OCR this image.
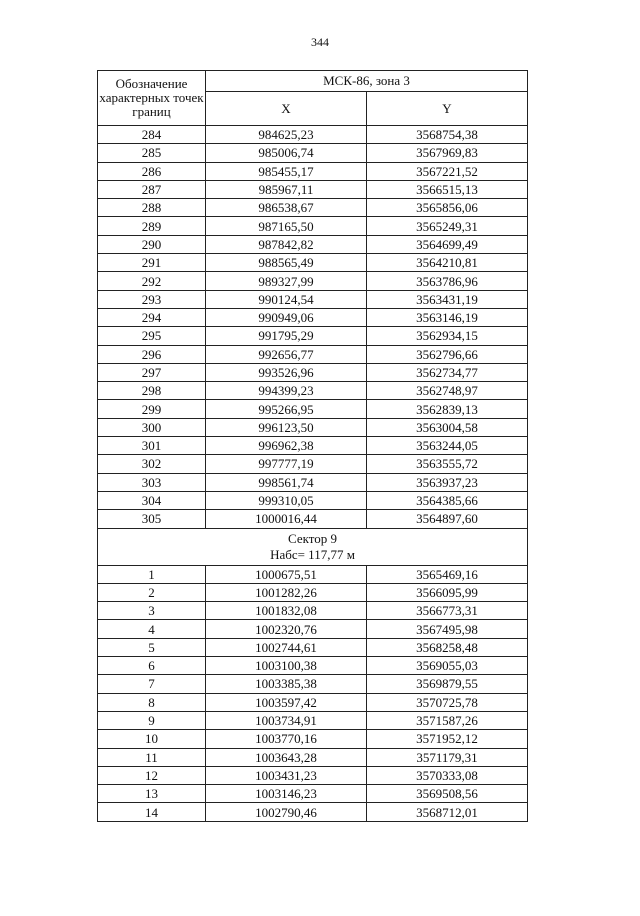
344
Обозначение характерных точек границ	МСК-86, зона 3	
	X	Y
284	984625,23	3568754,38
285	985006,74	3567969,83
286	985455,17	3567221,52
287	985967,11	3566515,13
288	986538,67	3565856,06
289	987165,50	3565249,31
290	987842,82	3564699,49
291	988565,49	3564210,81
292	989327,99	3563786,96
293	990124,54	3563431,19
294	990949,06	3563146,19
295	991795,29	3562934,15
296	992656,77	3562796,66
297	993526,96	3562734,77
298	994399,23	3562748,97
299	995266,95	3562839,13
300	996123,50	3563004,58
301	996962,38	3563244,05
302	997777,19	3563555,72
303	998561,74	3563937,23
304	999310,05	3564385,66
305	1000016,44	3564897,60

Сектор 9
Набс= 117,77 м		

1	1000675,51	3565469,16
2	1001282,26	3566095,99
3	1001832,08	3566773,31
4	1002320,76	3567495,98
5	1002744,61	3568258,48
6	1003100,38	3569055,03
7	1003385,38	3569879,55
8	1003597,42	3570725,78
9	1003734,91	3571587,26
10	1003770,16	3571952,12
11	1003643,28	3571179,31
12	1003431,23	3570333,08
13	1003146,23	3569508,56
14	1002790,46	3568712,01
